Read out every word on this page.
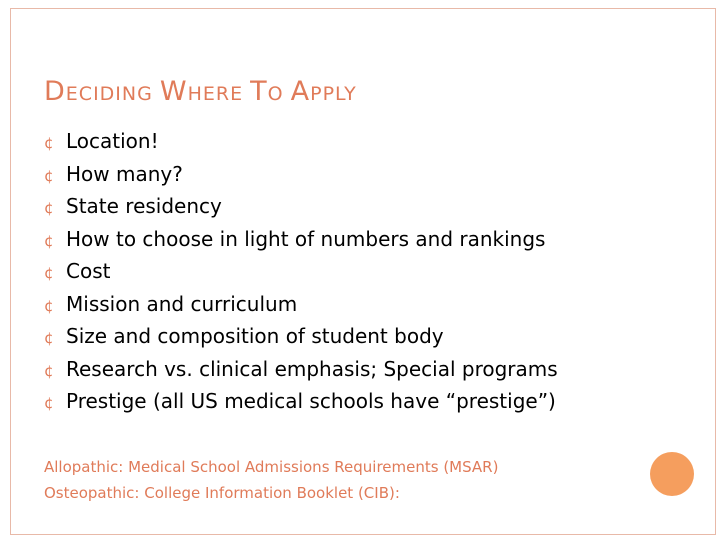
DECIDING WHERE TO APPLY
¢ Location!
¢ How many?
¢ State residency
¢ How to choose in light of numbers and rankings
¢ Cost
¢ Mission and curriculum
¢ Size and composition of student body
¢ Research vs. clinical emphasis; Special programs
¢ Prestige (all US medical schools have “prestige”)
Allopathic: Medical School Admissions Requirements (MSAR)
Osteopathic: College Information Booklet (CIB):
